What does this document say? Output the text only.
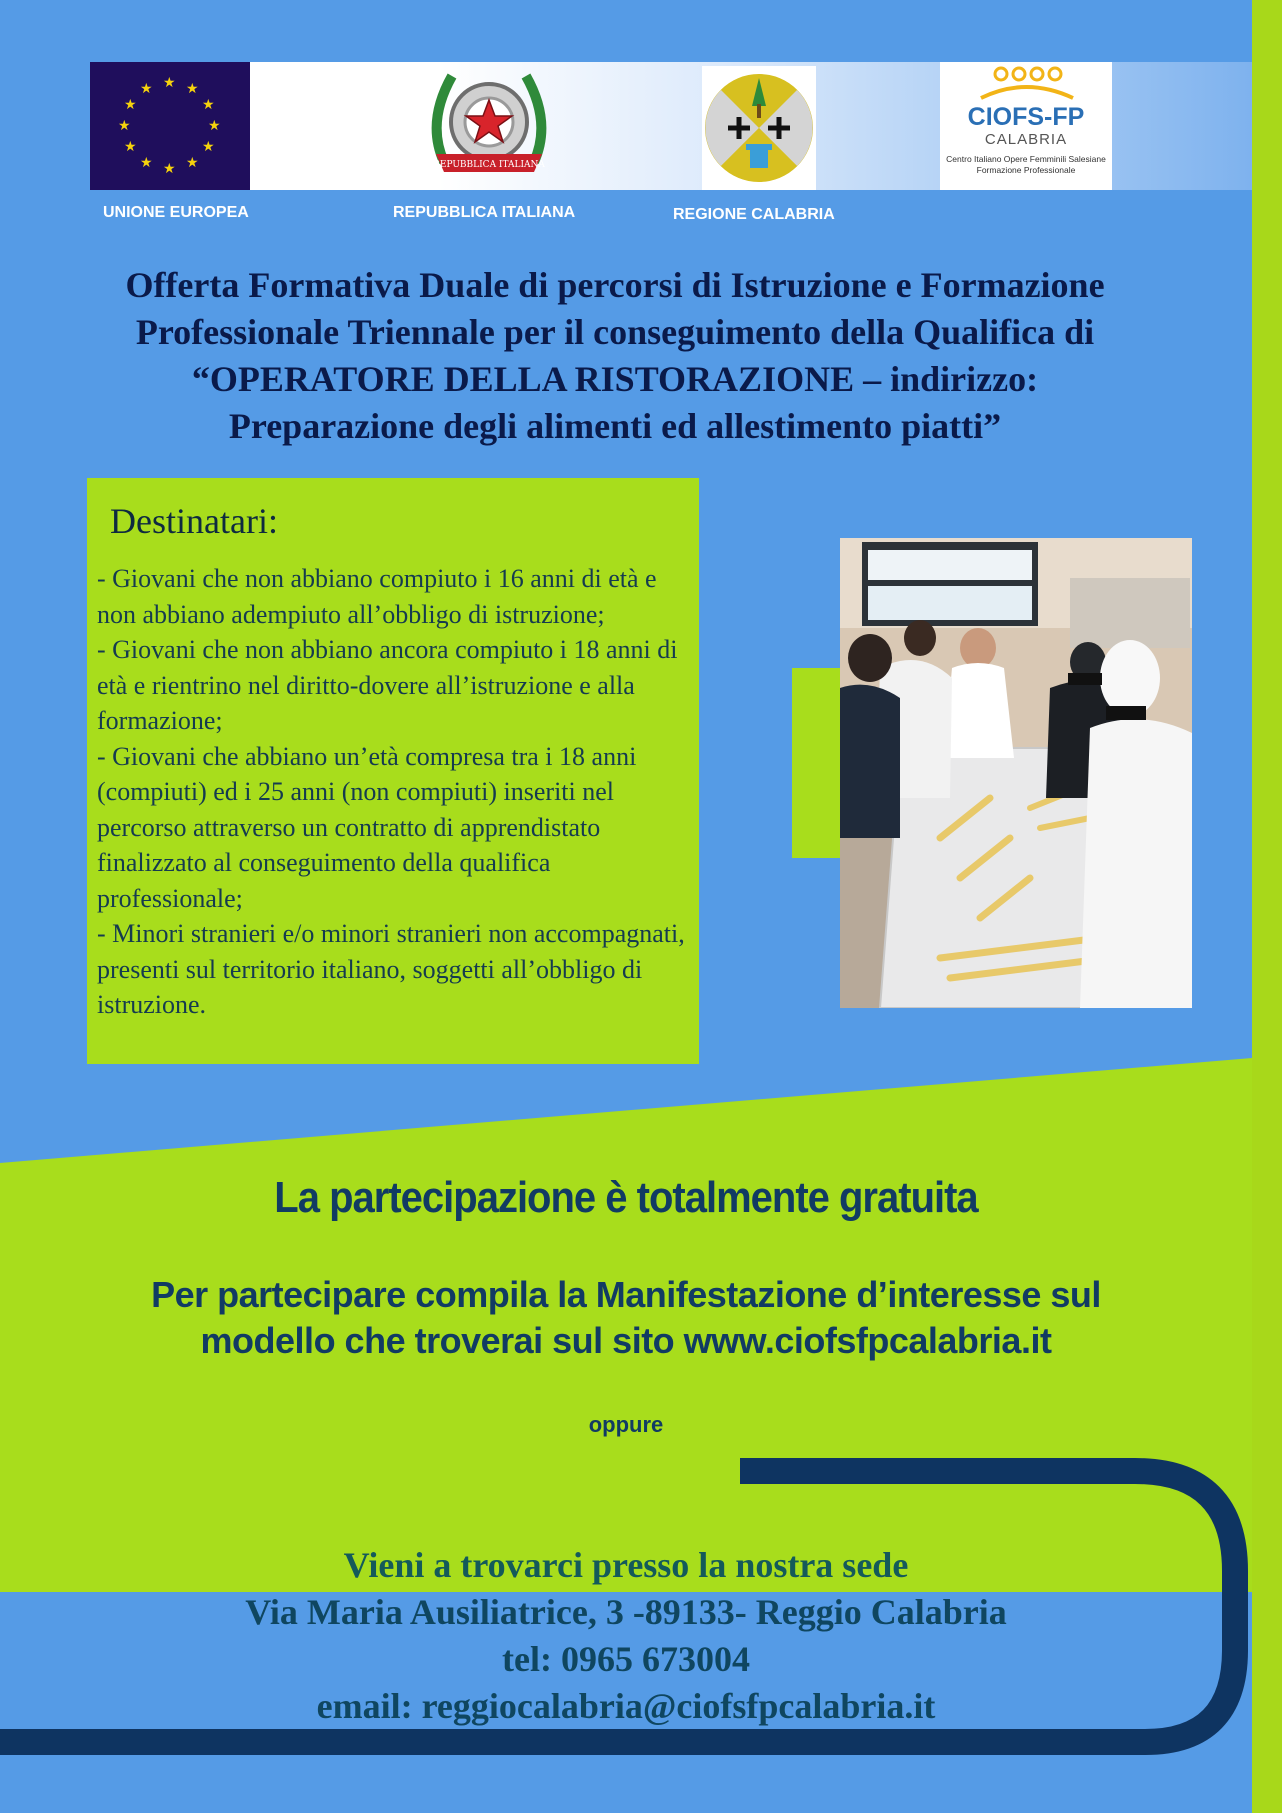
★ ★
★
★
★
★
★
★
★
★
★
★
REPUBBLICA ITALIANA
CIOFS-FP
CALABRIA
Centro Italiano Opere Femminili Salesiane Formazione Professionale
UNIONE EUROPEA	REPUBBLICA ITALIANA	REGIONE CALABRIA
Offerta Formativa Duale di percorsi di Istruzione e Formazione
Professionale Triennale per il conseguimento della Qualifica di
“OPERATORE DELLA RISTORAZIONE – indirizzo:
Preparazione degli alimenti ed allestimento piatti”
Destinatari:
- Giovani che non abbiano compiuto i 16 anni di età e non abbiano adempiuto all’obbligo di istruzione;
- Giovani che non abbiano ancora compiuto i 18 anni di età e rientrino nel diritto-dovere all’istruzione e alla formazione;
- Giovani che abbiano un’età compresa tra i 18 anni (compiuti) ed i 25 anni (non compiuti) inseriti nel percorso attraverso un contratto di apprendistato finalizzato al conseguimento della qualifica professionale;
- Minori stranieri e/o minori stranieri non accompagnati, presenti sul territorio italiano, soggetti all’obbligo di istruzione.
La partecipazione è totalmente gratuita
Per partecipare compila la Manifestazione d’interesse sul
modello che troverai sul sito www.ciofsfpcalabria.it
oppure
Vieni a trovarci presso la nostra sede
Via Maria Ausiliatrice, 3 -89133- Reggio Calabria
tel: 0965 673004
email: reggiocalabria@ciofsfpcalabria.it
